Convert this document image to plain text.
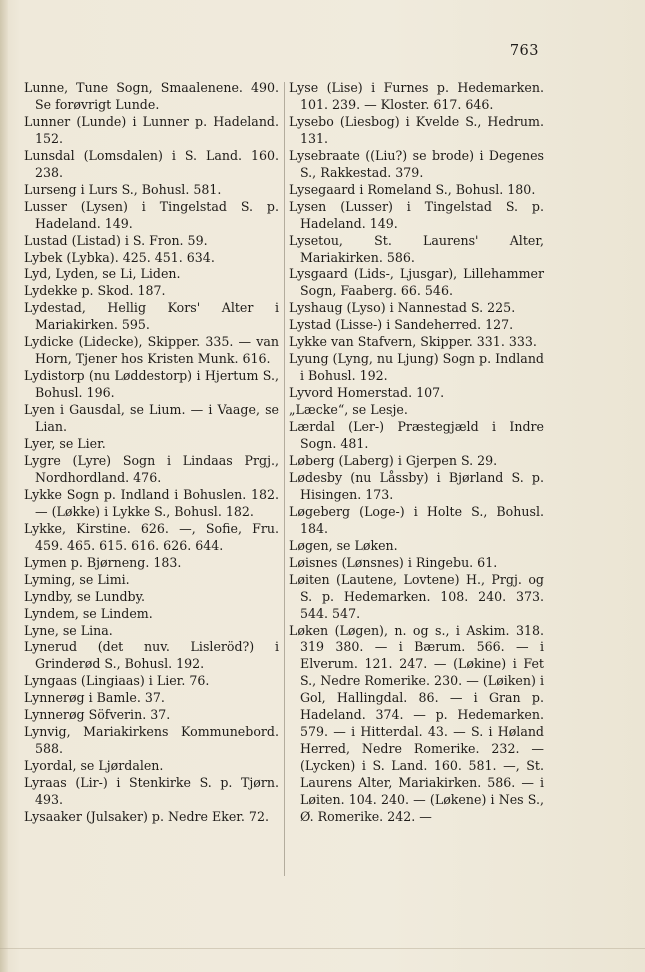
763
Lunne, Tune Sogn, Smaalenene. 490. Se forøvrigt Lunde.
Lunner (Lunde) i Lunner p. Hadeland. 152.
Lunsdal (Lomsdalen) i S. Land. 160. 238.
Lurseng i Lurs S., Bohusl. 581.
Lusser (Lysen) i Tingelstad S. p. Hadeland. 149.
Lustad (Listad) i S. Fron. 59.
Lybek (Lybka). 425. 451. 634.
Lyd, Lyden, se Li, Liden.
Lydekke p. Skod. 187.
Lydestad, Hellig Kors' Alter i Mariakirken. 595.
Lydicke (Lidecke), Skipper. 335. — van Horn, Tjener hos Kristen Munk. 616.
Lydistorp (nu Løddestorp) i Hjertum S., Bohusl. 196.
Lyen i Gausdal, se Lium. — i Vaage, se Lian.
Lyer, se Lier.
Lygre (Lyre) Sogn i Lindaas Prgj., Nordhordland. 476.
Lykke Sogn p. Indland i Bohuslen. 182. — (Løkke) i Lykke S., Bohusl. 182.
Lykke, Kirstine. 626. —, Sofie, Fru. 459. 465. 615. 616. 626. 644.
Lymen p. Bjørneng. 183.
Lyming, se Limi.
Lyndby, se Lundby.
Lyndem, se Lindem.
Lyne, se Lina.
Lynerud (det nuv. Lisleröd?) i Grinderød S., Bohusl. 192.
Lyngaas (Lingiaas) i Lier. 76.
Lynnerøg i Bamle. 37.
Lynnerøg Söfverin. 37.
Lynvig, Mariakirkens Kommunebord. 588.
Lyordal, se Ljørdalen.
Lyraas (Lir-) i Stenkirke S. p. Tjørn. 493.
Lysaaker (Julsaker) p. Nedre Eker. 72.
Lyse (Lise) i Furnes p. Hedemarken. 101. 239. — Kloster. 617. 646.
Lysebo (Liesbog) i Kvelde S., Hedrum. 131.
Lysebraate ((Liu?) se brode) i Degenes S., Rakkestad. 379.
Lysegaard i Romeland S., Bohusl. 180.
Lysen (Lusser) i Tingelstad S. p. Hadeland. 149.
Lysetou, St. Laurens' Alter, Mariakirken. 586.
Lysgaard (Lids-, Ljusgar), Lillehammer Sogn, Faaberg. 66. 546.
Lyshaug (Lyso) i Nannestad S. 225.
Lystad (Lisse-) i Sandeherred. 127.
Lykke van Stafvern, Skipper. 331. 333.
Lyung (Lyng, nu Ljung) Sogn p. Indland i Bohusl. 192.
Lyvord Homerstad. 107.
„Læcke“, se Lesje.
Lærdal (Ler-) Præstegjæld i Indre Sogn. 481.
Løberg (Laberg) i Gjerpen S. 29.
Lødesby (nu Låssby) i Bjørland S. p. Hisingen. 173.
Løgeberg (Loge-) i Holte S., Bohusl. 184.
Løgen, se Løken.
Løisnes (Lønsnes) i Ringebu. 61.
Løiten (Lautene, Lovtene) H., Prgj. og S. p. Hedemarken. 108. 240. 373. 544. 547.
Løken (Løgen), n. og s., i Askim. 318. 319 380. — i Bærum. 566. — i Elverum. 121. 247. — (Løkine) i Fet S., Nedre Romerike. 230. — (Løiken) i Gol, Hallingdal. 86. — i Gran p. Hadeland. 374. — p. Hedemarken. 579. — i Hitterdal. 43. — S. i Høland Herred, Nedre Romerike. 232. — (Lycken) i S. Land. 160. 581. —, St. Laurens Alter, Mariakirken. 586. — i Løiten. 104. 240. — (Løkene) i Nes S., Ø. Romerike. 242. —
